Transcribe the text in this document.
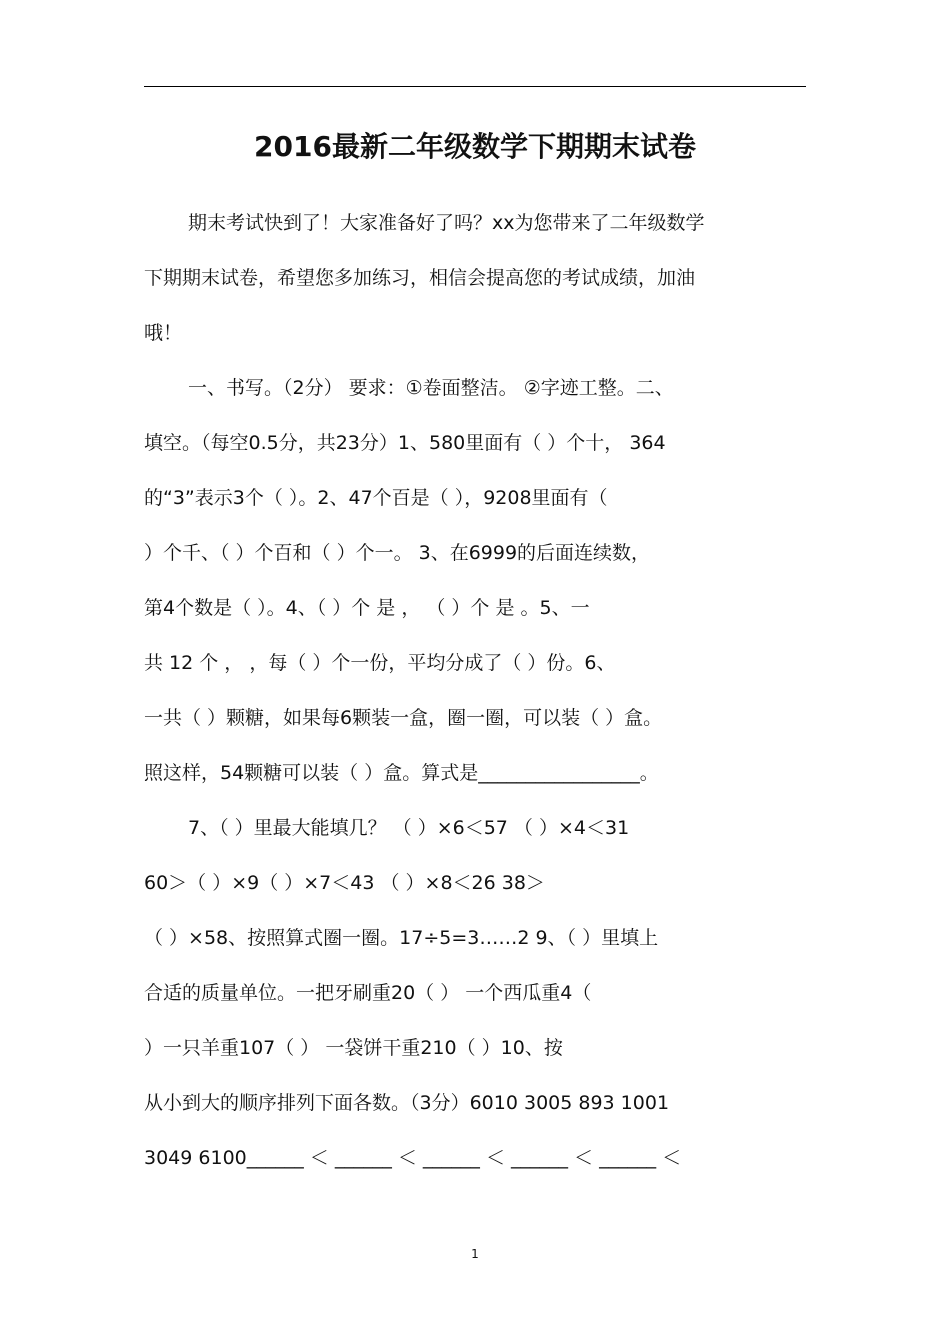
2016最新二年级数学下期期末试卷

期末考试快到了！大家准备好了吗？xx为您带来了二年级数学
下期期末试卷，希望您多加练习，相信会提高您的考试成绩，加油
哦！

一、书写。（2分） 要求：①卷面整洁。 ②字迹工整。二、
填空。（每空0.5分，共23分）1、580里面有（ ）个十， 364
的“3”表示3个（ ）。2、47个百是（ ），9208里面有（
）个千、（ ）个百和（ ）个一。 3、在6999的后面连续数，
第4个数是（ ）。4、（ ）个 是 ， （ ）个 是 。5、一
共 12 个 ， ，每（ ）个一份，平均分成了（ ）份。6、
一共（ ）颗糖，如果每6颗装一盒，圈一圈，可以装（ ）盒。
照这样，54颗糖可以装（ ）盒。算式是_________________。

7、（ ）里最大能填几？ （ ）×6＜57 （ ）×4＜31
60＞（ ）×9（ ）×7＜43 （ ）×8＜26 38＞
（ ）×58、按照算式圈一圈。17÷5=3……2 9、（ ）里填上
合适的质量单位。一把牙刷重20（ ） 一个西瓜重4（
）一只羊重107（ ） 一袋饼干重210（ ）10、按
从小到大的顺序排列下面各数。（3分）6010 3005 893 1001
3049 6100______ ＜ ______ ＜ ______ ＜ ______ ＜ ______ ＜

1
